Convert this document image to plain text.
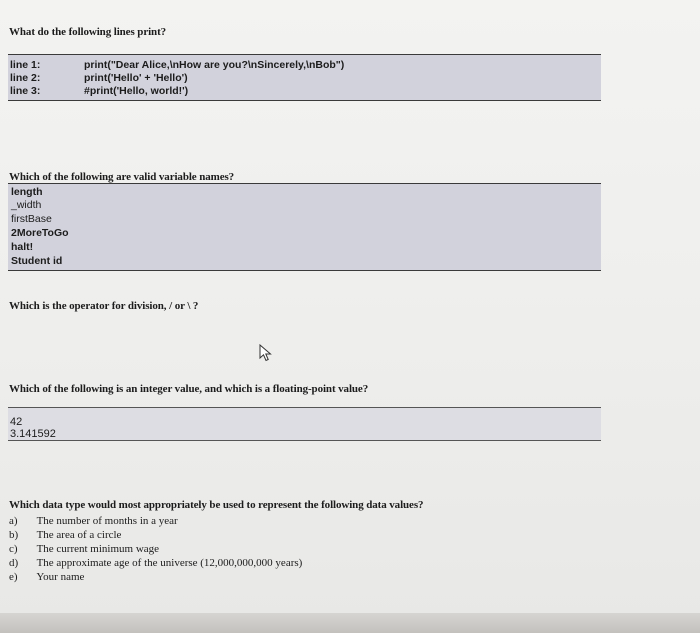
What do the following lines print?
line 1:	print("Dear Alice,\nHow are you?\nSincerely,\nBob")
line 2:	print('Hello' + 'Hello')
line 3:	#print('Hello, world!')
Which of the following are valid variable names?
length
_width
firstBase
2MoreToGo
halt!
Student id
Which is the operator for division, / or \ ?
Which of the following is an integer value, and which is a floating-point value?
42
3.141592
Which data type would most appropriately be used to represent the following data values?
a) The number of months in a year
b) The area of a circle
c) The current minimum wage
d) The approximate age of the universe (12,000,000,000 years)
e) Your name
